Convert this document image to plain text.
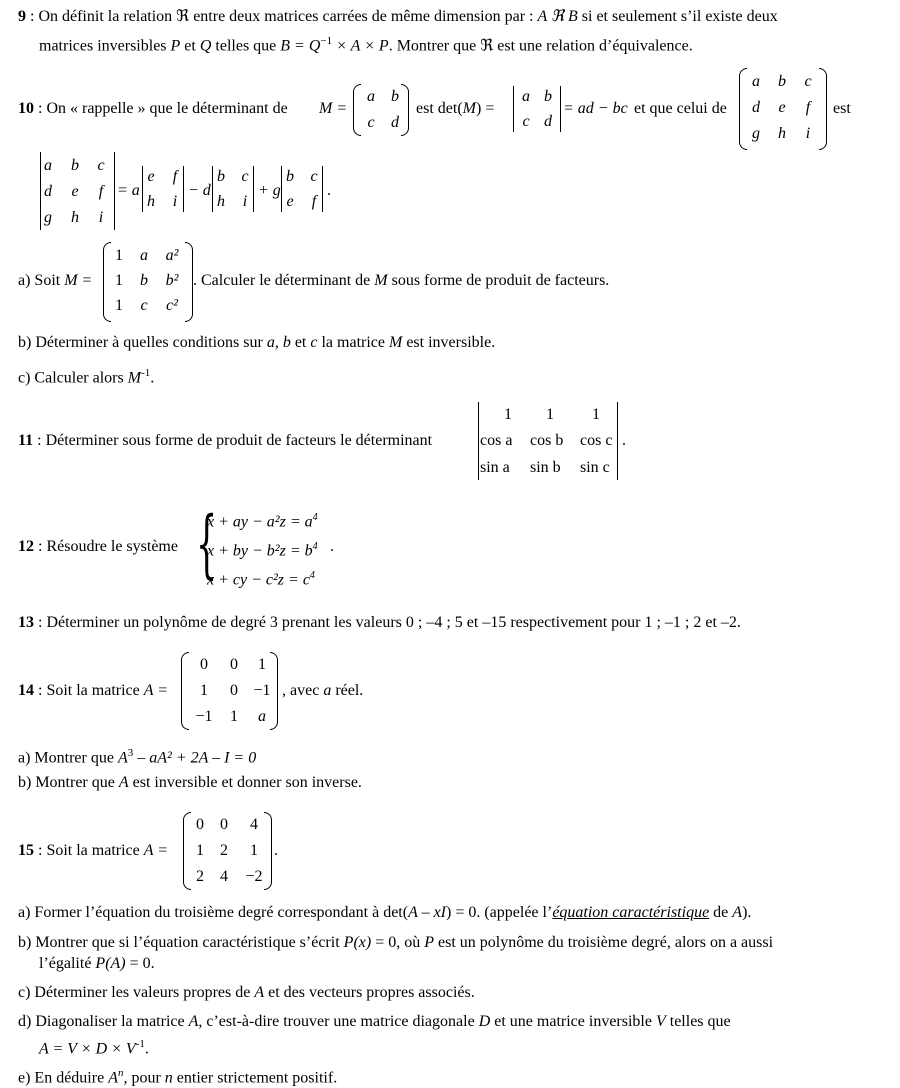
9 : On définit la relation ℜ entre deux matrices carrées de même dimension par : A ℜ B si et seulement s’il existe deux
matrices inversibles P et Q telles que $B = Q^{-1} \times A \times P$. Montrer que ℜ est une relation d’équivalence.
10 : On « rappelle » que le déterminant de M =
a	b
c	d
est det(M) =
a b
c d
= ad − bc et que celui de
a	b	c
d	e	f
g	h	i
est
a	b	c
d	e	f
g	h	i
= a
e	f
h	i
− d
b	c
h	i
+ g
b	c
e	f
.
a) Soit M =
1	a	a²
1	b	b²
1	c	c²
. Calculer le déterminant de M sous forme de produit de facteurs.
b) Déterminer à quelles conditions sur a, b et c la matrice M est inversible.
c) Calculer alors $M^{-1}$.
11 : Déterminer sous forme de produit de facteurs le déterminant
1	1	1
cos a	cos b	cos c
sin a	sin b	sin c
.
12 : Résoudre le système {
x + ay − $a^2z = a^4$
x + by − $b^2z = b^4$
x + cy − $c^2z = c^4$
.
13 : Déterminer un polynôme de degré 3 prenant les valeurs 0 ; –4 ; 5 et –15 respectivement pour 1 ; –1 ; 2 et –2.
14 : Soit la matrice A =
0	0	1
1	0 −1
−1	1	a
, avec a réel.
a) Montrer que $A^3 - aA^2 + 2A - I = 0$
b) Montrer que A est inversible et donner son inverse.
15 : Soit la matrice A =
0	0	4
1	2	1
2	4	−2
.
a) Former l’équation du troisième degré correspondant à det(A – xI) = 0. (appelée l’équation caractéristique de A).
b) Montrer que si l’équation caractéristique s’écrit P(x) = 0, où P est un polynôme du troisième degré, alors on a aussi
l’égalité P(A) = 0.
c) Déterminer les valeurs propres de A et des vecteurs propres associés.
d) Diagonaliser la matrice A, c’est-à-dire trouver une matrice diagonale D et une matrice inversible V telles que
$A = V \times D \times V^{-1}$.
e) En déduire $A^n$, pour n entier strictement positif.
